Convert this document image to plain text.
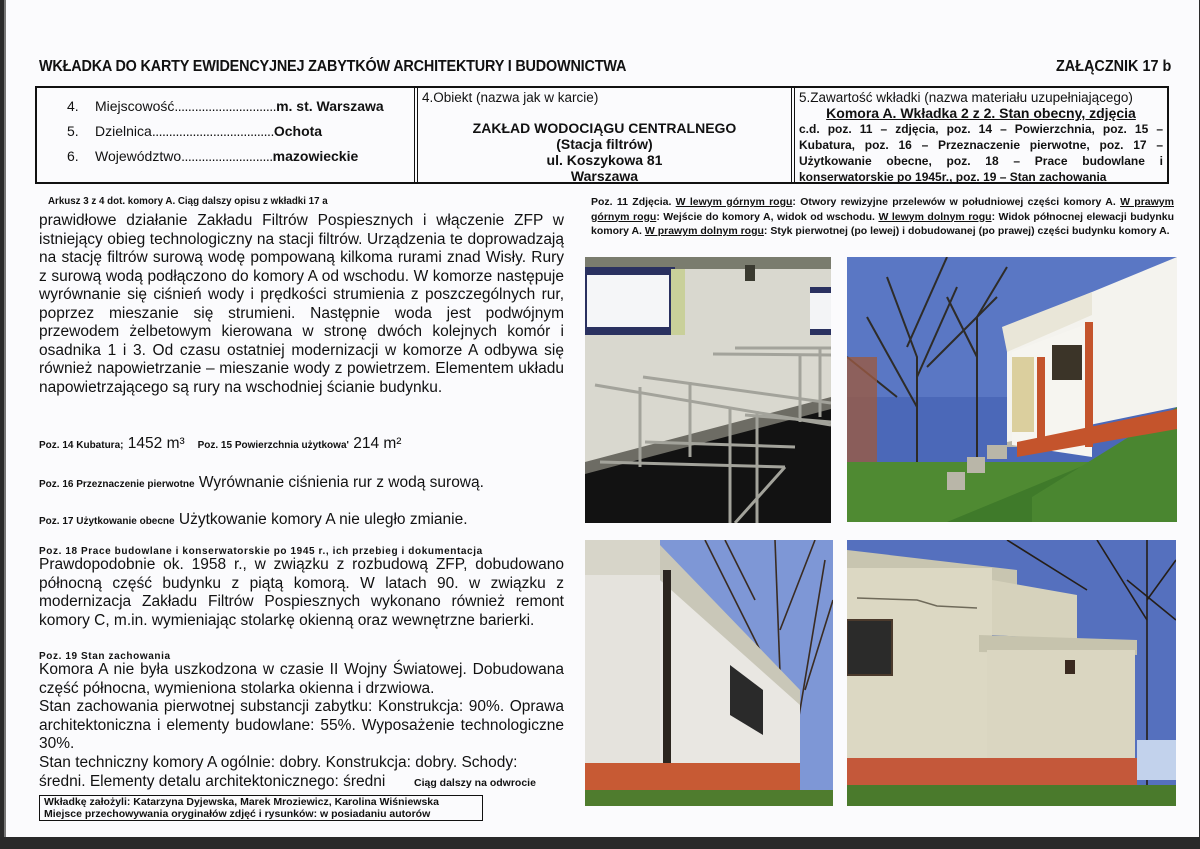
WKŁADKA DO KARTY EWIDENCYJNEJ ZABYTKÓW ARCHITEKTURY I BUDOWNICTWA	ZAŁĄCZNIK 17 b
4. Miejscowość..............................m. st. Warszawa
5. Dzielnica....................................Ochota
6. Województwo...........................mazowieckie
4.Obiekt (nazwa jak w karcie)
ZAKŁAD WODOCIĄGU CENTRALNEGO
(Stacja filtrów)
ul. Koszykowa 81
Warszawa
5.Zawartość wkładki (nazwa materiału uzupełniającego)
Komora A. Wkładka 2 z 2. Stan obecny, zdjęcia
c.d. poz. 11 – zdjęcia, poz. 14 – Powierzchnia, poz. 15 – Kubatura, poz. 16 – Przeznaczenie pierwotne, poz. 17 – Użytkowanie obecne, poz. 18 – Prace budowlane i konserwatorskie po 1945r., poz. 19 – Stan zachowania
Arkusz 3 z 4 dot. komory A. Ciąg dalszy opisu z wkładki 17 a
prawidłowe działanie Zakładu Filtrów Pospiesznych i włączenie ZFP w istniejący obieg technologiczny na stacji filtrów. Urządzenia te doprowadzają na stację filtrów surową wodę pompowaną kilkoma rurami znad Wisły. Rury z surową wodą podłączono do komory A od wschodu. W komorze następuje wyrównanie się ciśnień wody i prędkości strumienia z poszczególnych rur, poprzez mieszanie się strumieni. Następnie woda jest podwójnym przewodem żelbetowym kierowana w stronę dwóch kolejnych komór i osadnika 1 i 3. Od czasu ostatniej modernizacji w komorze A odbywa się również napowietrzanie – mieszanie wody z powietrzem. Elementem układu napowietrzającego są rury na wschodniej ścianie budynku.
Poz. 14 Kubatura; 1452 m³ Poz. 15 Powierzchnia użytkowa' 214 m²
Poz. 16 Przeznaczenie pierwotne Wyrównanie ciśnienia rur z wodą surową.
Poz. 17 Użytkowanie obecne Użytkowanie komory A nie uległo zmianie.
Poz. 18 Prace budowlane i konserwatorskie po 1945 r., ich przebieg i dokumentacja
Prawdopodobnie ok. 1958 r., w związku z rozbudową ZFP, dobudowano północną część budynku z piątą komorą. W latach 90. w związku z modernizacja Zakładu Filtrów Pospiesznych wykonano również remont komory C, m.in. wymieniając stolarkę okienną oraz wewnętrzne barierki.
Poz. 19 Stan zachowania
Komora A nie była uszkodzona w czasie II Wojny Światowej. Dobudowana część północna, wymieniona stolarka okienna i drzwiowa.
Stan zachowania pierwotnej substancji zabytku: Konstrukcja: 90%. Oprawa architektoniczna i elementy budowlane: 55%. Wyposażenie technologiczne 30%.
Stan techniczny komory A ogólnie: dobry. Konstrukcja: dobry. Schody: średni. Elementy detalu architektonicznego: średni	Ciąg dalszy na odwrocie
Wkładkę założyli: Katarzyna Dyjewska, Marek Mroziewicz, Karolina Wiśniewska
Miejsce przechowywania oryginałów zdjęć i rysunków: w posiadaniu autorów
Poz. 11 Zdjęcia. W lewym górnym rogu: Otwory rewizyjne przelewów w południowej części komory A. W prawym górnym rogu: Wejście do komory A, widok od wschodu. W lewym dolnym rogu: Widok północnej elewacji budynku komory A. W prawym dolnym rogu: Styk pierwotnej (po lewej) i dobudowanej (po prawej) części budynku komory A.
